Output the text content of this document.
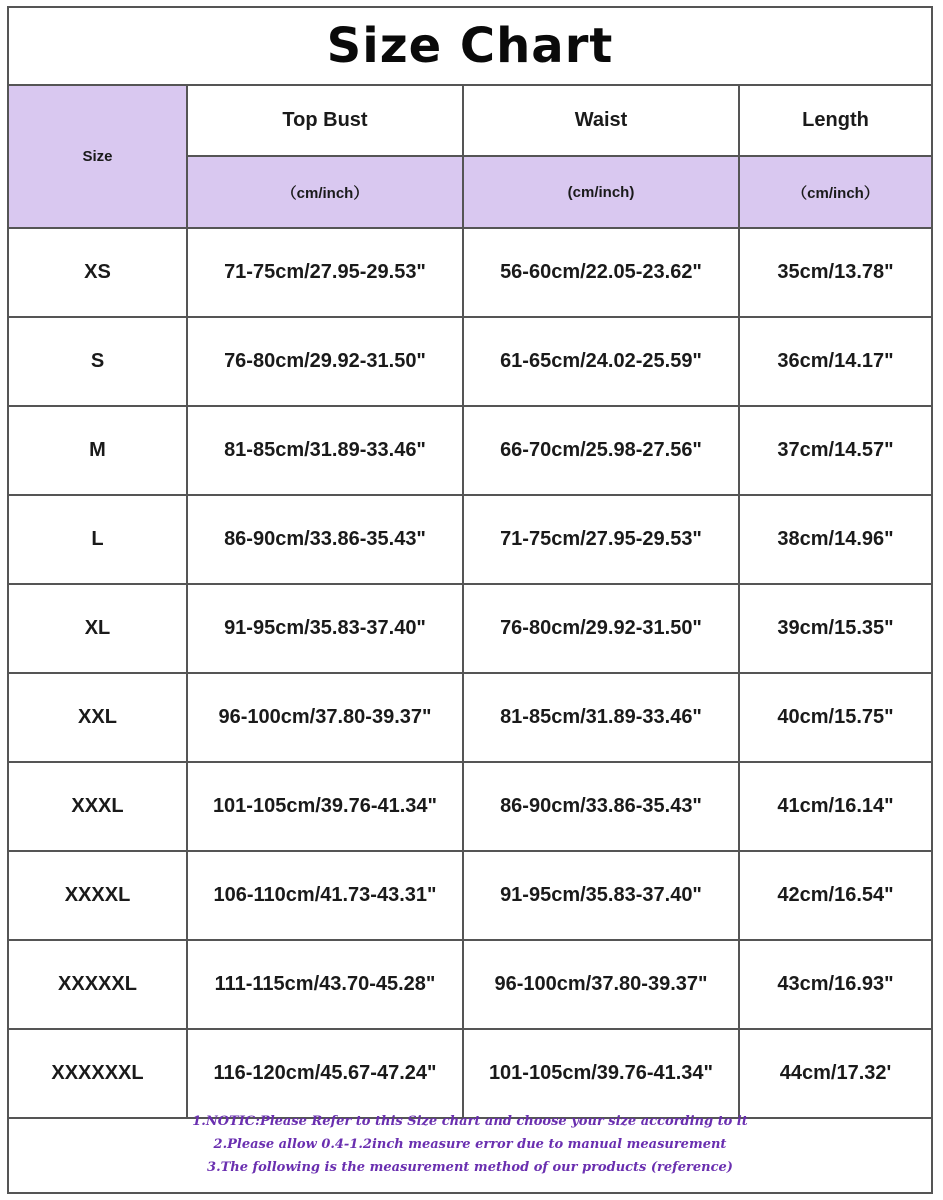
Size Chart
Size	Top Bust	Waist	Length
	（cm/inch）	(cm/inch)	（cm/inch）
XS	71-75cm/27.95-29.53"	56-60cm/22.05-23.62"	35cm/13.78"
S	76-80cm/29.92-31.50"	61-65cm/24.02-25.59"	36cm/14.17"
M	81-85cm/31.89-33.46"	66-70cm/25.98-27.56"	37cm/14.57"
L	86-90cm/33.86-35.43"	71-75cm/27.95-29.53"	38cm/14.96"
XL	91-95cm/35.83-37.40"	76-80cm/29.92-31.50"	39cm/15.35"
XXL	96-100cm/37.80-39.37"	81-85cm/31.89-33.46"	40cm/15.75"
XXXL	101-105cm/39.76-41.34"	86-90cm/33.86-35.43"	41cm/16.14"
XXXXL	106-110cm/41.73-43.31"	91-95cm/35.83-37.40"	42cm/16.54"
XXXXXL	111-115cm/43.70-45.28"	96-100cm/37.80-39.37"	43cm/16.93"
XXXXXXL	116-120cm/45.67-47.24"	101-105cm/39.76-41.34"	44cm/17.32'
1.NOTIC:Please Refer to this Size chart and choose your size according to it
2.Please allow 0.4-1.2inch measure error due to manual measurement
3.The following is the measurement method of our products (reference)
